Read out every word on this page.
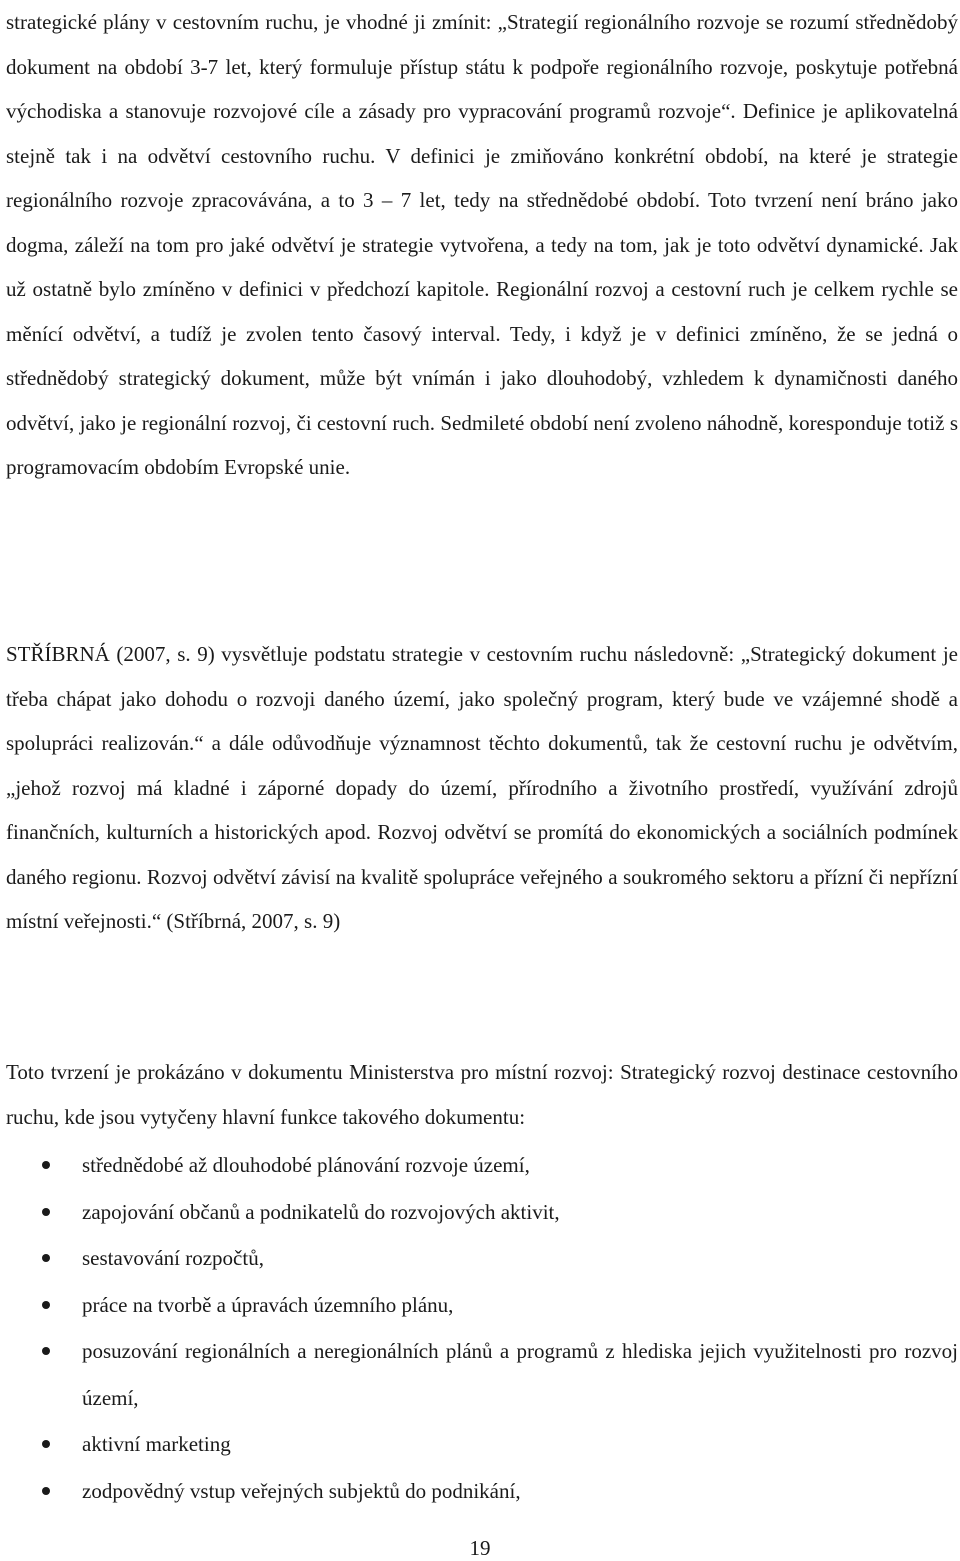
strategické plány v cestovním ruchu, je vhodné ji zmínit: „Strategií regionálního rozvoje se rozumí střednědobý dokument na období 3-7 let, který formuluje přístup státu k podpoře regionálního rozvoje, poskytuje potřebná východiska a stanovuje rozvojové cíle a zásady pro vypracování programů rozvoje“. Definice je aplikovatelná stejně tak i na odvětví cestovního ruchu. V definici je zmiňováno konkrétní období, na které je strategie regionálního rozvoje zpracovávána, a to 3 – 7 let, tedy na střednědobé období. Toto tvrzení není bráno jako dogma, záleží na tom pro jaké odvětví je strategie vytvořena, a tedy na tom, jak je toto odvětví dynamické. Jak už ostatně bylo zmíněno v definici v předchozí kapitole. Regionální rozvoj a cestovní ruch je celkem rychle se měnící odvětví, a tudíž je zvolen tento časový interval. Tedy, i když je v definici zmíněno, že se jedná o střednědobý strategický dokument, může být vnímán i jako dlouhodobý, vzhledem k dynamičnosti daného odvětví, jako je regionální rozvoj, či cestovní ruch. Sedmileté období není zvoleno náhodně, koresponduje totiž s programovacím obdobím Evropské unie.

STŘÍBRNÁ (2007, s. 9) vysvětluje podstatu strategie v cestovním ruchu následovně: „Strategický dokument je třeba chápat jako dohodu o rozvoji daného území, jako společný program, který bude ve vzájemné shodě a spolupráci realizován.“ a dále odůvodňuje významnost těchto dokumentů, tak že cestovní ruchu je odvětvím, „jehož rozvoj má kladné i záporné dopady do území, přírodního a životního prostředí, využívání zdrojů finančních, kulturních a historických apod. Rozvoj odvětví se promítá do ekonomických a sociálních podmínek daného regionu. Rozvoj odvětví závisí na kvalitě spolupráce veřejného a soukromého sektoru a přízní či nepřízní místní veřejnosti.“ (Stříbrná, 2007, s. 9)

Toto tvrzení je prokázáno v dokumentu Ministerstva pro místní rozvoj: Strategický rozvoj destinace cestovního ruchu, kde jsou vytyčeny hlavní funkce takového dokumentu:

střednědobé až dlouhodobé plánování rozvoje území,
zapojování občanů a podnikatelů do rozvojových aktivit,
sestavování rozpočtů,
práce na tvorbě a úpravách územního plánu,
posuzování regionálních a neregionálních plánů a programů z hlediska jejich využitelnosti pro rozvoj území,
aktivní marketing
zodpovědný vstup veřejných subjektů do podnikání,
19
